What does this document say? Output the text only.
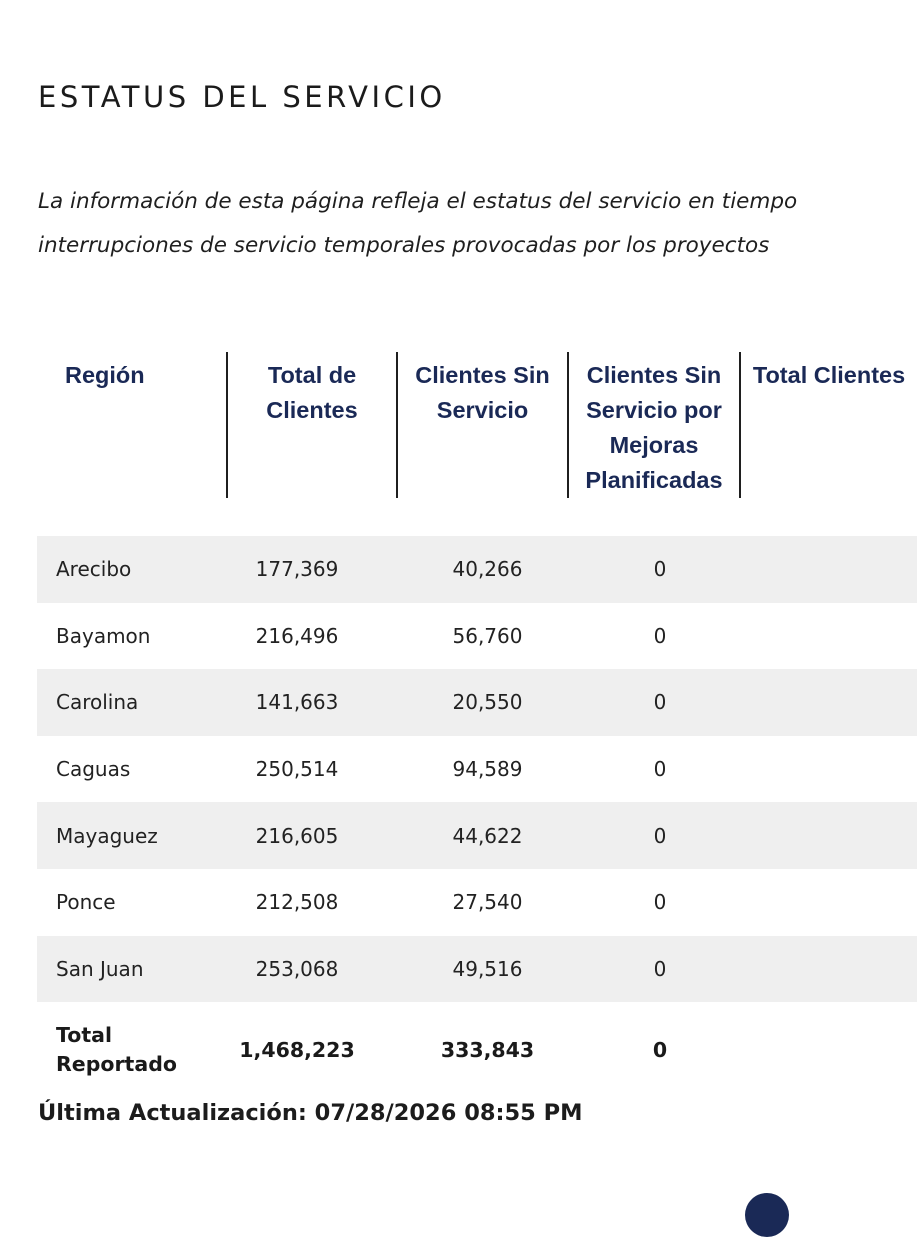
ESTATUS DEL SERVICIO

La información de esta página refleja el estatus del servicio en tiempo

interrupciones de servicio temporales provocadas por los proyectos

Región	Total de Clientes	Clientes Sin Servicio	Clientes Sin Servicio por Mejoras Planificadas	Total Clientes

Arecibo	177,369	40,266	0	
Bayamon	216,496	56,760	0	
Carolina	141,663	20,550	0	
Caguas	250,514	94,589	0	
Mayaguez	216,605	44,622	0	
Ponce	212,508	27,540	0	
San Juan	253,068	49,516	0	

Total Reportado	1,468,223	333,843	0	
Última Actualización: 07/28/2026 08:55 PM
